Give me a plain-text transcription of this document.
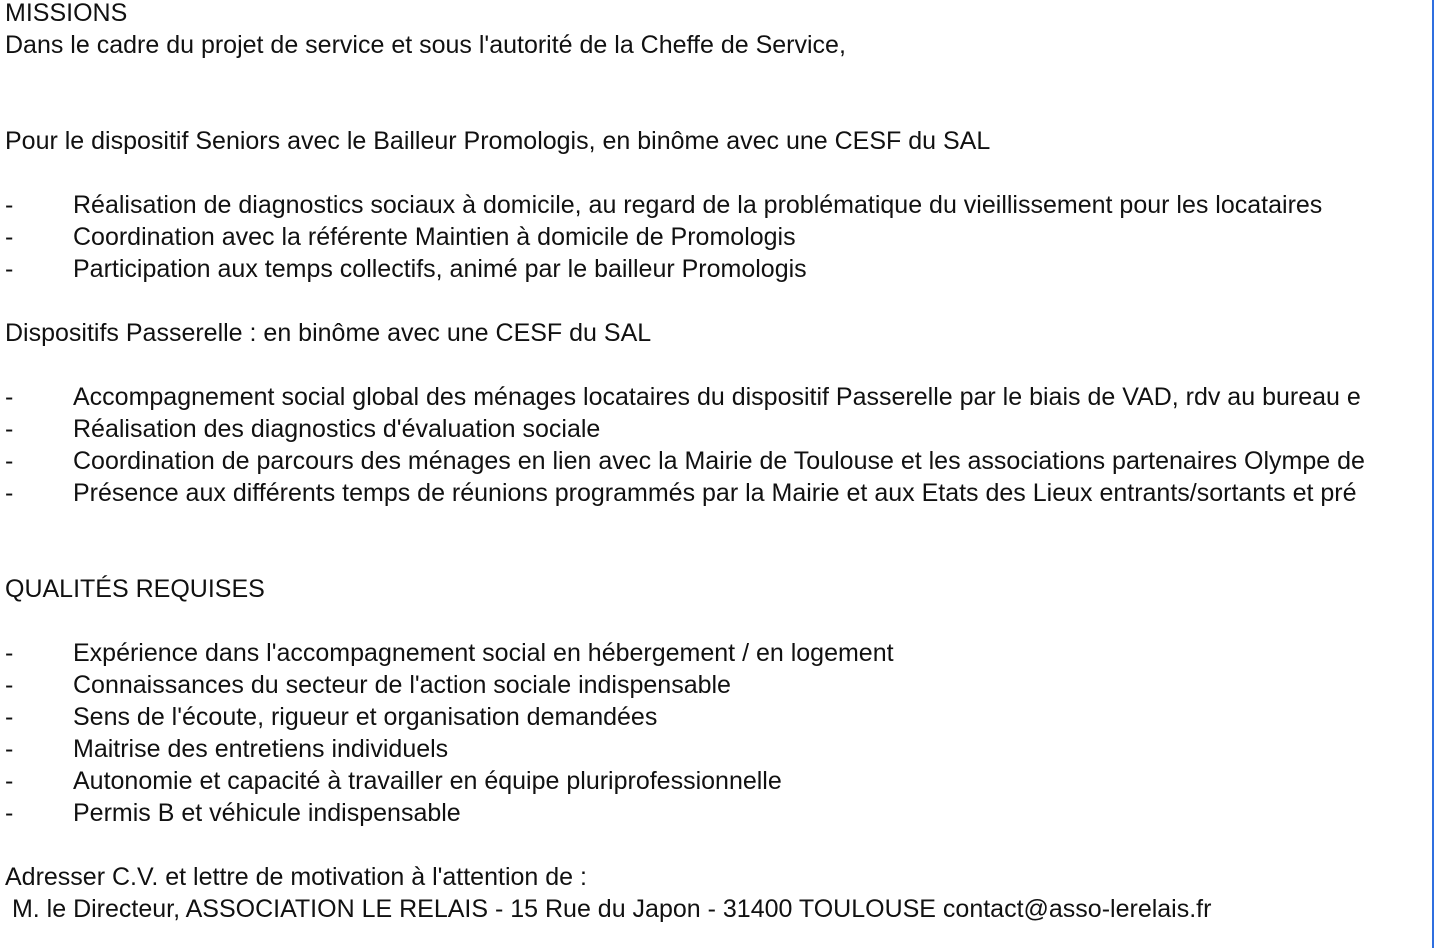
MISSIONS
Dans le cadre du projet de service et sous l'autorité de la Cheffe de Service,
Pour le dispositif Seniors avec le Bailleur Promologis, en binôme avec une CESF du SAL
- Réalisation de diagnostics sociaux à domicile, au regard de la problématique du vieillissement pour les locataires
- Coordination avec la référente Maintien à domicile de Promologis
- Participation aux temps collectifs, animé par le bailleur Promologis
Dispositifs Passerelle : en binôme avec une CESF du SAL
- Accompagnement social global des ménages locataires du dispositif Passerelle par le biais de VAD, rdv au bureau e
- Réalisation des diagnostics d'évaluation sociale
- Coordination de parcours des ménages en lien avec la Mairie de Toulouse et les associations partenaires Olympe de
- Présence aux différents temps de réunions programmés par la Mairie et aux Etats des Lieux entrants/sortants et pré
QUALITÉS REQUISES
- Expérience dans l'accompagnement social en hébergement / en logement
- Connaissances du secteur de l'action sociale indispensable
- Sens de l'écoute, rigueur et organisation demandées
- Maitrise des entretiens individuels
- Autonomie et capacité à travailler en équipe pluriprofessionnelle
- Permis B et véhicule indispensable
Adresser C.V. et lettre de motivation à l'attention de :
M. le Directeur, ASSOCIATION LE RELAIS - 15 Rue du Japon - 31400 TOULOUSE contact@asso-lerelais.fr
